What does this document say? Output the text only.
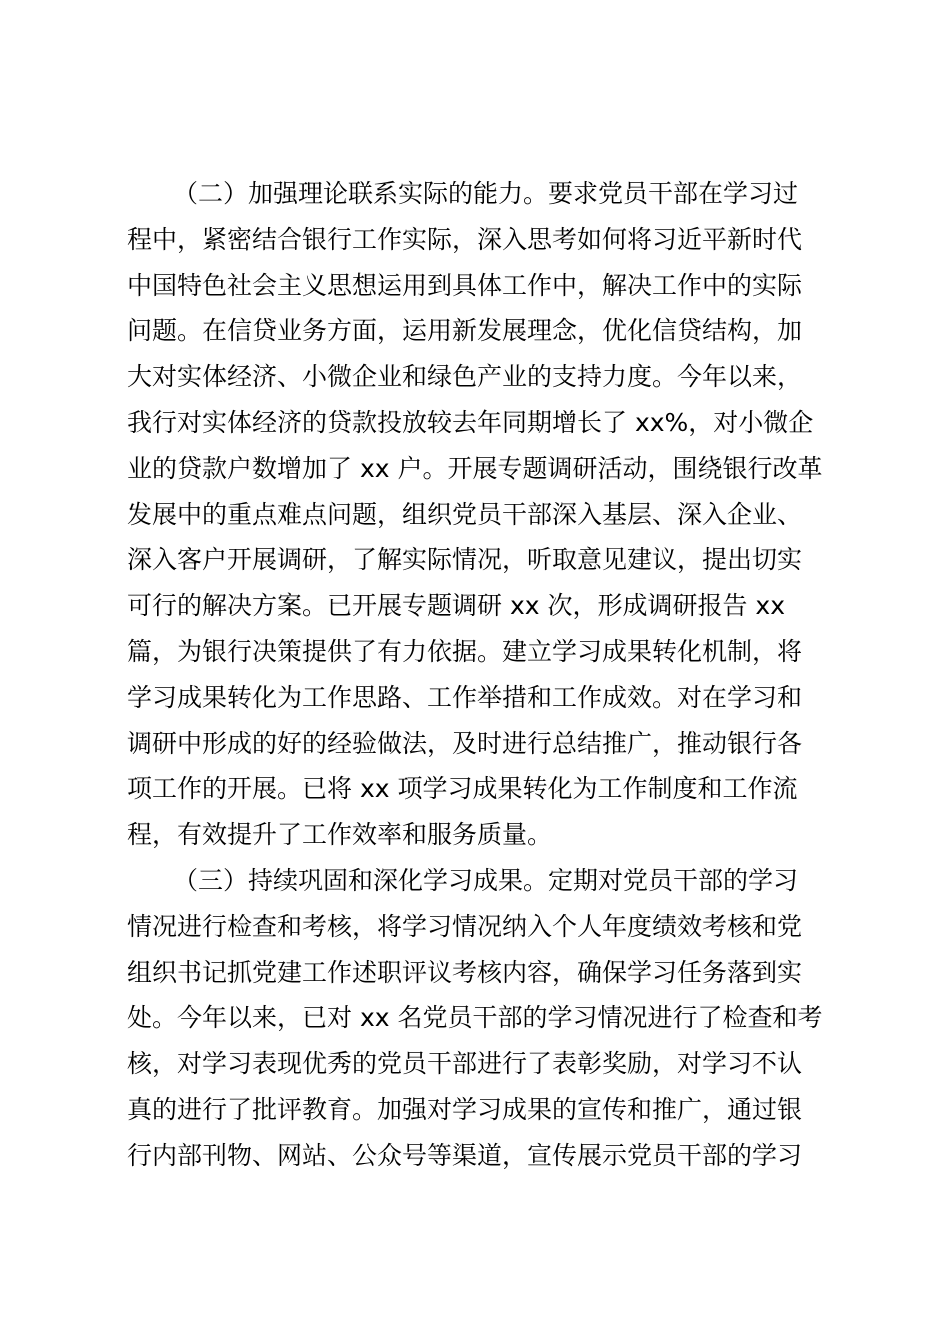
（二）加强理论联系实际的能力。要求党员干部在学习过
程中，紧密结合银行工作实际，深入思考如何将习近平新时代
中国特色社会主义思想运用到具体工作中，解决工作中的实际
问题。在信贷业务方面，运用新发展理念，优化信贷结构，加
大对实体经济、小微企业和绿色产业的支持力度。今年以来，
我行对实体经济的贷款投放较去年同期增长了 xx%，对小微企
业的贷款户数增加了 xx 户。开展专题调研活动，围绕银行改革
发展中的重点难点问题，组织党员干部深入基层、深入企业、
深入客户开展调研，了解实际情况，听取意见建议，提出切实
可行的解决方案。已开展专题调研 xx 次，形成调研报告 xx
篇，为银行决策提供了有力依据。建立学习成果转化机制，将
学习成果转化为工作思路、工作举措和工作成效。对在学习和
调研中形成的好的经验做法，及时进行总结推广，推动银行各
项工作的开展。已将 xx 项学习成果转化为工作制度和工作流
程，有效提升了工作效率和服务质量。
（三）持续巩固和深化学习成果。定期对党员干部的学习
情况进行检查和考核，将学习情况纳入个人年度绩效考核和党
组织书记抓党建工作述职评议考核内容，确保学习任务落到实
处。今年以来，已对 xx 名党员干部的学习情况进行了检查和考
核，对学习表现优秀的党员干部进行了表彰奖励，对学习不认
真的进行了批评教育。加强对学习成果的宣传和推广，通过银
行内部刊物、网站、公众号等渠道，宣传展示党员干部的学习
